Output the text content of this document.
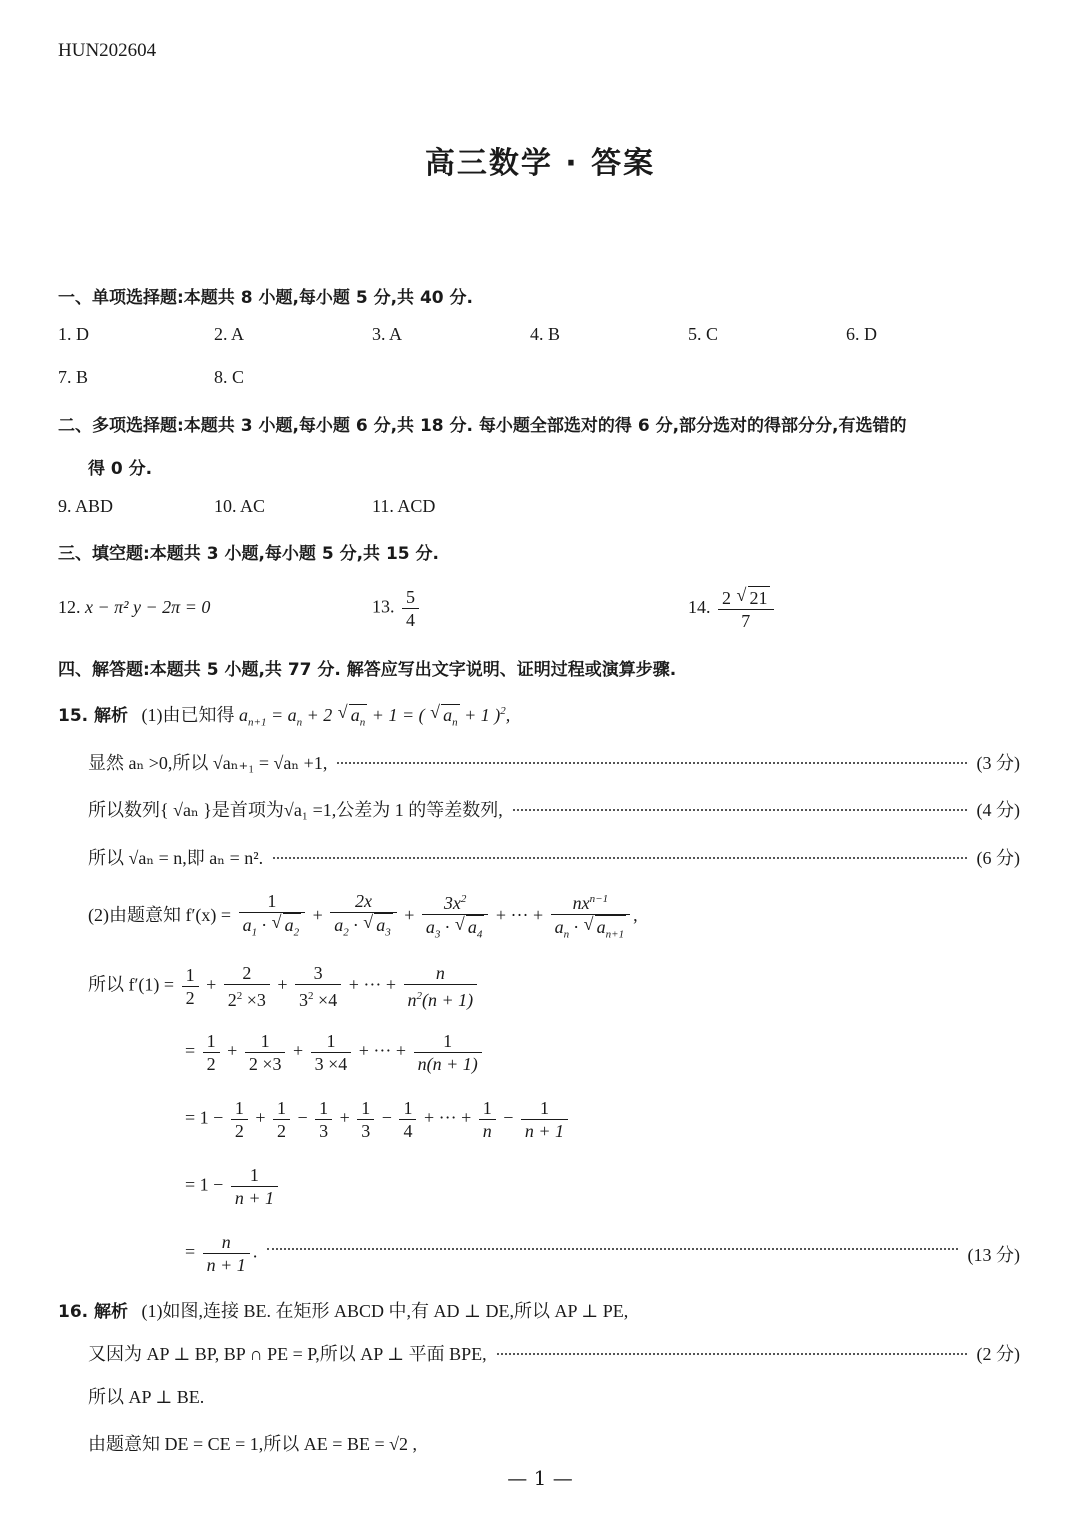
HUN202604
高三数学 · 答案
一、单项选择题:本题共 8 小题,每小题 5 分,共 40 分.
1. D	2. A	3. A	4. B	5. C	6. D
7. B	8. C
二、多项选择题:本题共 3 小题,每小题 6 分,共 18 分. 每小题全部选对的得 6 分,部分选对的得部分分,有选错的
得 0 分.
9. ABD	10. AC	11. ACD
三、填空题:本题共 3 小题,每小题 5 分,共 15 分.
12. x − π² y − 2π = 0	13. $\frac{5}{4}$	14. $\frac{2 √ 21}{7}$
四、解答题:本题共 5 小题,共 77 分. 解答应写出文字说明、证明过程或演算步骤.
15. 解析 (1)由已知得 $a_{n+1} = a_n + 2$ √ $a_n + 1$ = ( √ $a_n + 1$ )$^2$,
显然 aₙ >0,所以 √aₙ₊₁ = √aₙ +1,	(3 分)
所以数列{ √aₙ }是首项为√a₁ =1,公差为 1 的等差数列,	(4 分)
所以 √aₙ = n,即 aₙ = n².	(6 分)
(2)由题意知 $f'(x) = \frac{1}{a_1 \cdot √ a_2} + \frac{2x}{a_2 \cdot √ a_3} + \frac{3x^2}{a_3 \cdot √ a_4}$ + ··· + $\frac{nx^{n-1}}{a_n \cdot √ a_{n+1}}$ ,
所以 $f'(1) = \frac{1}{2} + \frac{2}{2^2 \times 3} + \frac{3}{3^2 \times 4}$ + ··· + $\frac{n}{n^2(n + 1)}$
= $\frac{1}{2} + \frac{1}{2 \times 3} + \frac{1}{3 \times 4}$ + ··· + $\frac{1}{n(n + 1)}$
= $1 - \frac{1}{2} + \frac{1}{2} - \frac{1}{3} + \frac{1}{3} - \frac{1}{4}$ + ··· + $\frac{1}{n} - \frac{1}{n + 1}$
= $1 - \frac{1}{n + 1}$
= $\frac{n}{n + 1}$ .	(13 分)
16. 解析 (1)如图,连接 BE. 在矩形 ABCD 中,有 AD ⊥ DE,所以 AP ⊥ PE,
又因为 AP ⊥ BP, BP ∩ PE = P,所以 AP ⊥ 平面 BPE,	(2 分)
所以 AP ⊥ BE.
由题意知 DE = CE = 1,所以 AE = BE = √2 ,
— 1 —
